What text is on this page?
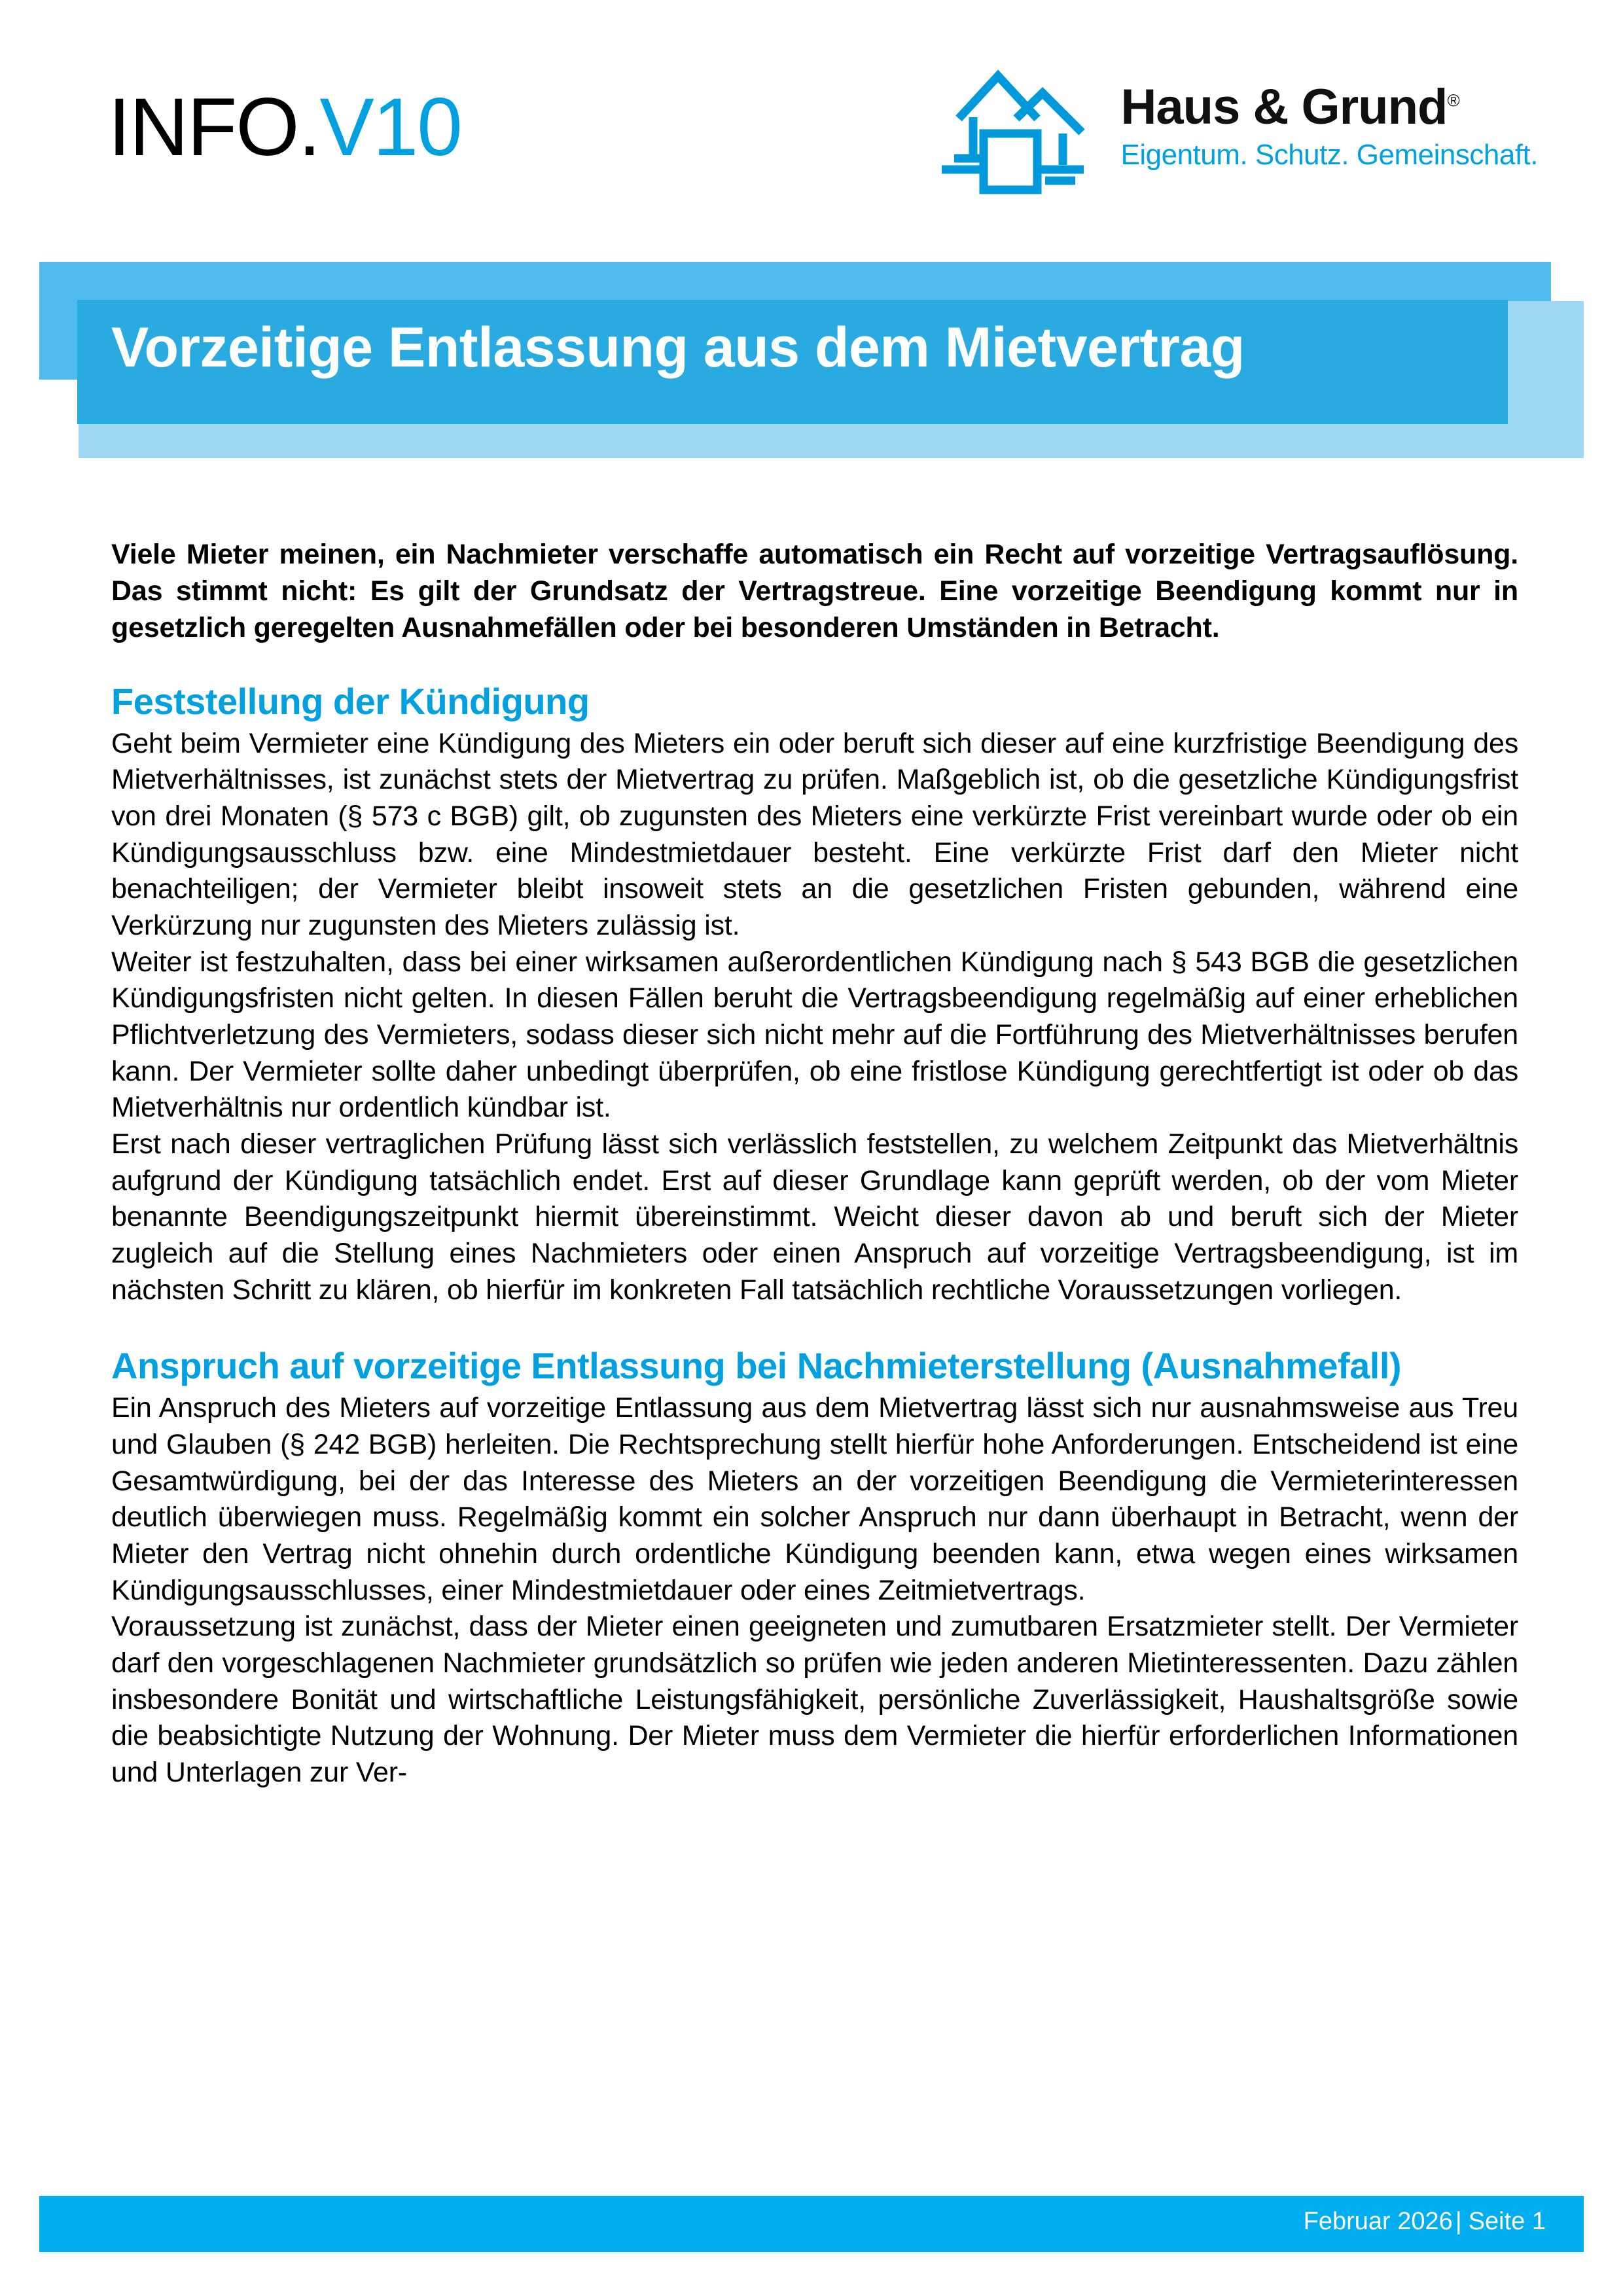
INFO.V10	Haus & Grund®
Eigentum. Schutz. Gemeinschaft.
Vorzeitige Entlassung aus dem Mietvertrag

Viele Mieter meinen, ein Nachmieter verschaffe automatisch ein Recht auf vorzeitige Vertragsauflösung. Das stimmt nicht: Es gilt der Grundsatz der Vertragstreue. Eine vorzeitige Beendigung kommt nur in gesetzlich geregelten Ausnahmefällen oder bei besonderen Umständen in Betracht.

Feststellung der Kündigung

Geht beim Vermieter eine Kündigung des Mieters ein oder beruft sich dieser auf eine kurzfristige Beendigung des Mietverhältnisses, ist zunächst stets der Mietvertrag zu prüfen. Maßgeblich ist, ob die gesetzliche Kündigungsfrist von drei Monaten (§ 573 c BGB) gilt, ob zugunsten des Mieters eine verkürzte Frist vereinbart wurde oder ob ein Kündigungsausschluss bzw. eine Mindestmietdauer besteht. Eine verkürzte Frist darf den Mieter nicht benachteiligen; der Vermieter bleibt insoweit stets an die gesetzlichen Fristen gebunden, während eine Verkürzung nur zugunsten des Mieters zulässig ist.

Weiter ist festzuhalten, dass bei einer wirksamen außerordentlichen Kündigung nach § 543 BGB die gesetzlichen Kündigungsfristen nicht gelten. In diesen Fällen beruht die Vertragsbeendigung regelmäßig auf einer erheblichen Pflichtverletzung des Vermieters, sodass dieser sich nicht mehr auf die Fortführung des Mietverhältnisses berufen kann. Der Vermieter sollte daher unbedingt überprüfen, ob eine fristlose Kündigung gerechtfertigt ist oder ob das Mietverhältnis nur ordentlich kündbar ist.

Erst nach dieser vertraglichen Prüfung lässt sich verlässlich feststellen, zu welchem Zeitpunkt das Mietverhältnis aufgrund der Kündigung tatsächlich endet. Erst auf dieser Grundlage kann geprüft werden, ob der vom Mieter benannte Beendigungszeitpunkt hiermit übereinstimmt. Weicht dieser davon ab und beruft sich der Mieter zugleich auf die Stellung eines Nachmieters oder einen Anspruch auf vorzeitige Vertragsbeendigung, ist im nächsten Schritt zu klären, ob hierfür im konkreten Fall tatsächlich rechtliche Voraussetzungen vorliegen.

Anspruch auf vorzeitige Entlassung bei Nachmieterstellung (Ausnahmefall)

Ein Anspruch des Mieters auf vorzeitige Entlassung aus dem Mietvertrag lässt sich nur ausnahmsweise aus Treu und Glauben (§ 242 BGB) herleiten. Die Rechtsprechung stellt hierfür hohe Anforderungen. Entscheidend ist eine Gesamtwürdigung, bei der das Interesse des Mieters an der vorzeitigen Beendigung die Vermieterinteressen deutlich überwiegen muss. Regelmäßig kommt ein solcher Anspruch nur dann überhaupt in Betracht, wenn der Mieter den Vertrag nicht ohnehin durch ordentliche Kündigung beenden kann, etwa wegen eines wirksamen Kündigungsausschlusses, einer Mindestmietdauer oder eines Zeitmietvertrags.

Voraussetzung ist zunächst, dass der Mieter einen geeigneten und zumutbaren Ersatzmieter stellt. Der Vermieter darf den vorgeschlagenen Nachmieter grundsätzlich so prüfen wie jeden anderen Mietinteressenten. Dazu zählen insbesondere Bonität und wirtschaftliche Leistungsfähigkeit, persönliche Zuverlässigkeit, Haushaltsgröße sowie die beabsichtigte Nutzung der Wohnung. Der Mieter muss dem Vermieter die hierfür erforderlichen Informationen und Unterlagen zur Ver-

Februar 2026 | Seite 1
